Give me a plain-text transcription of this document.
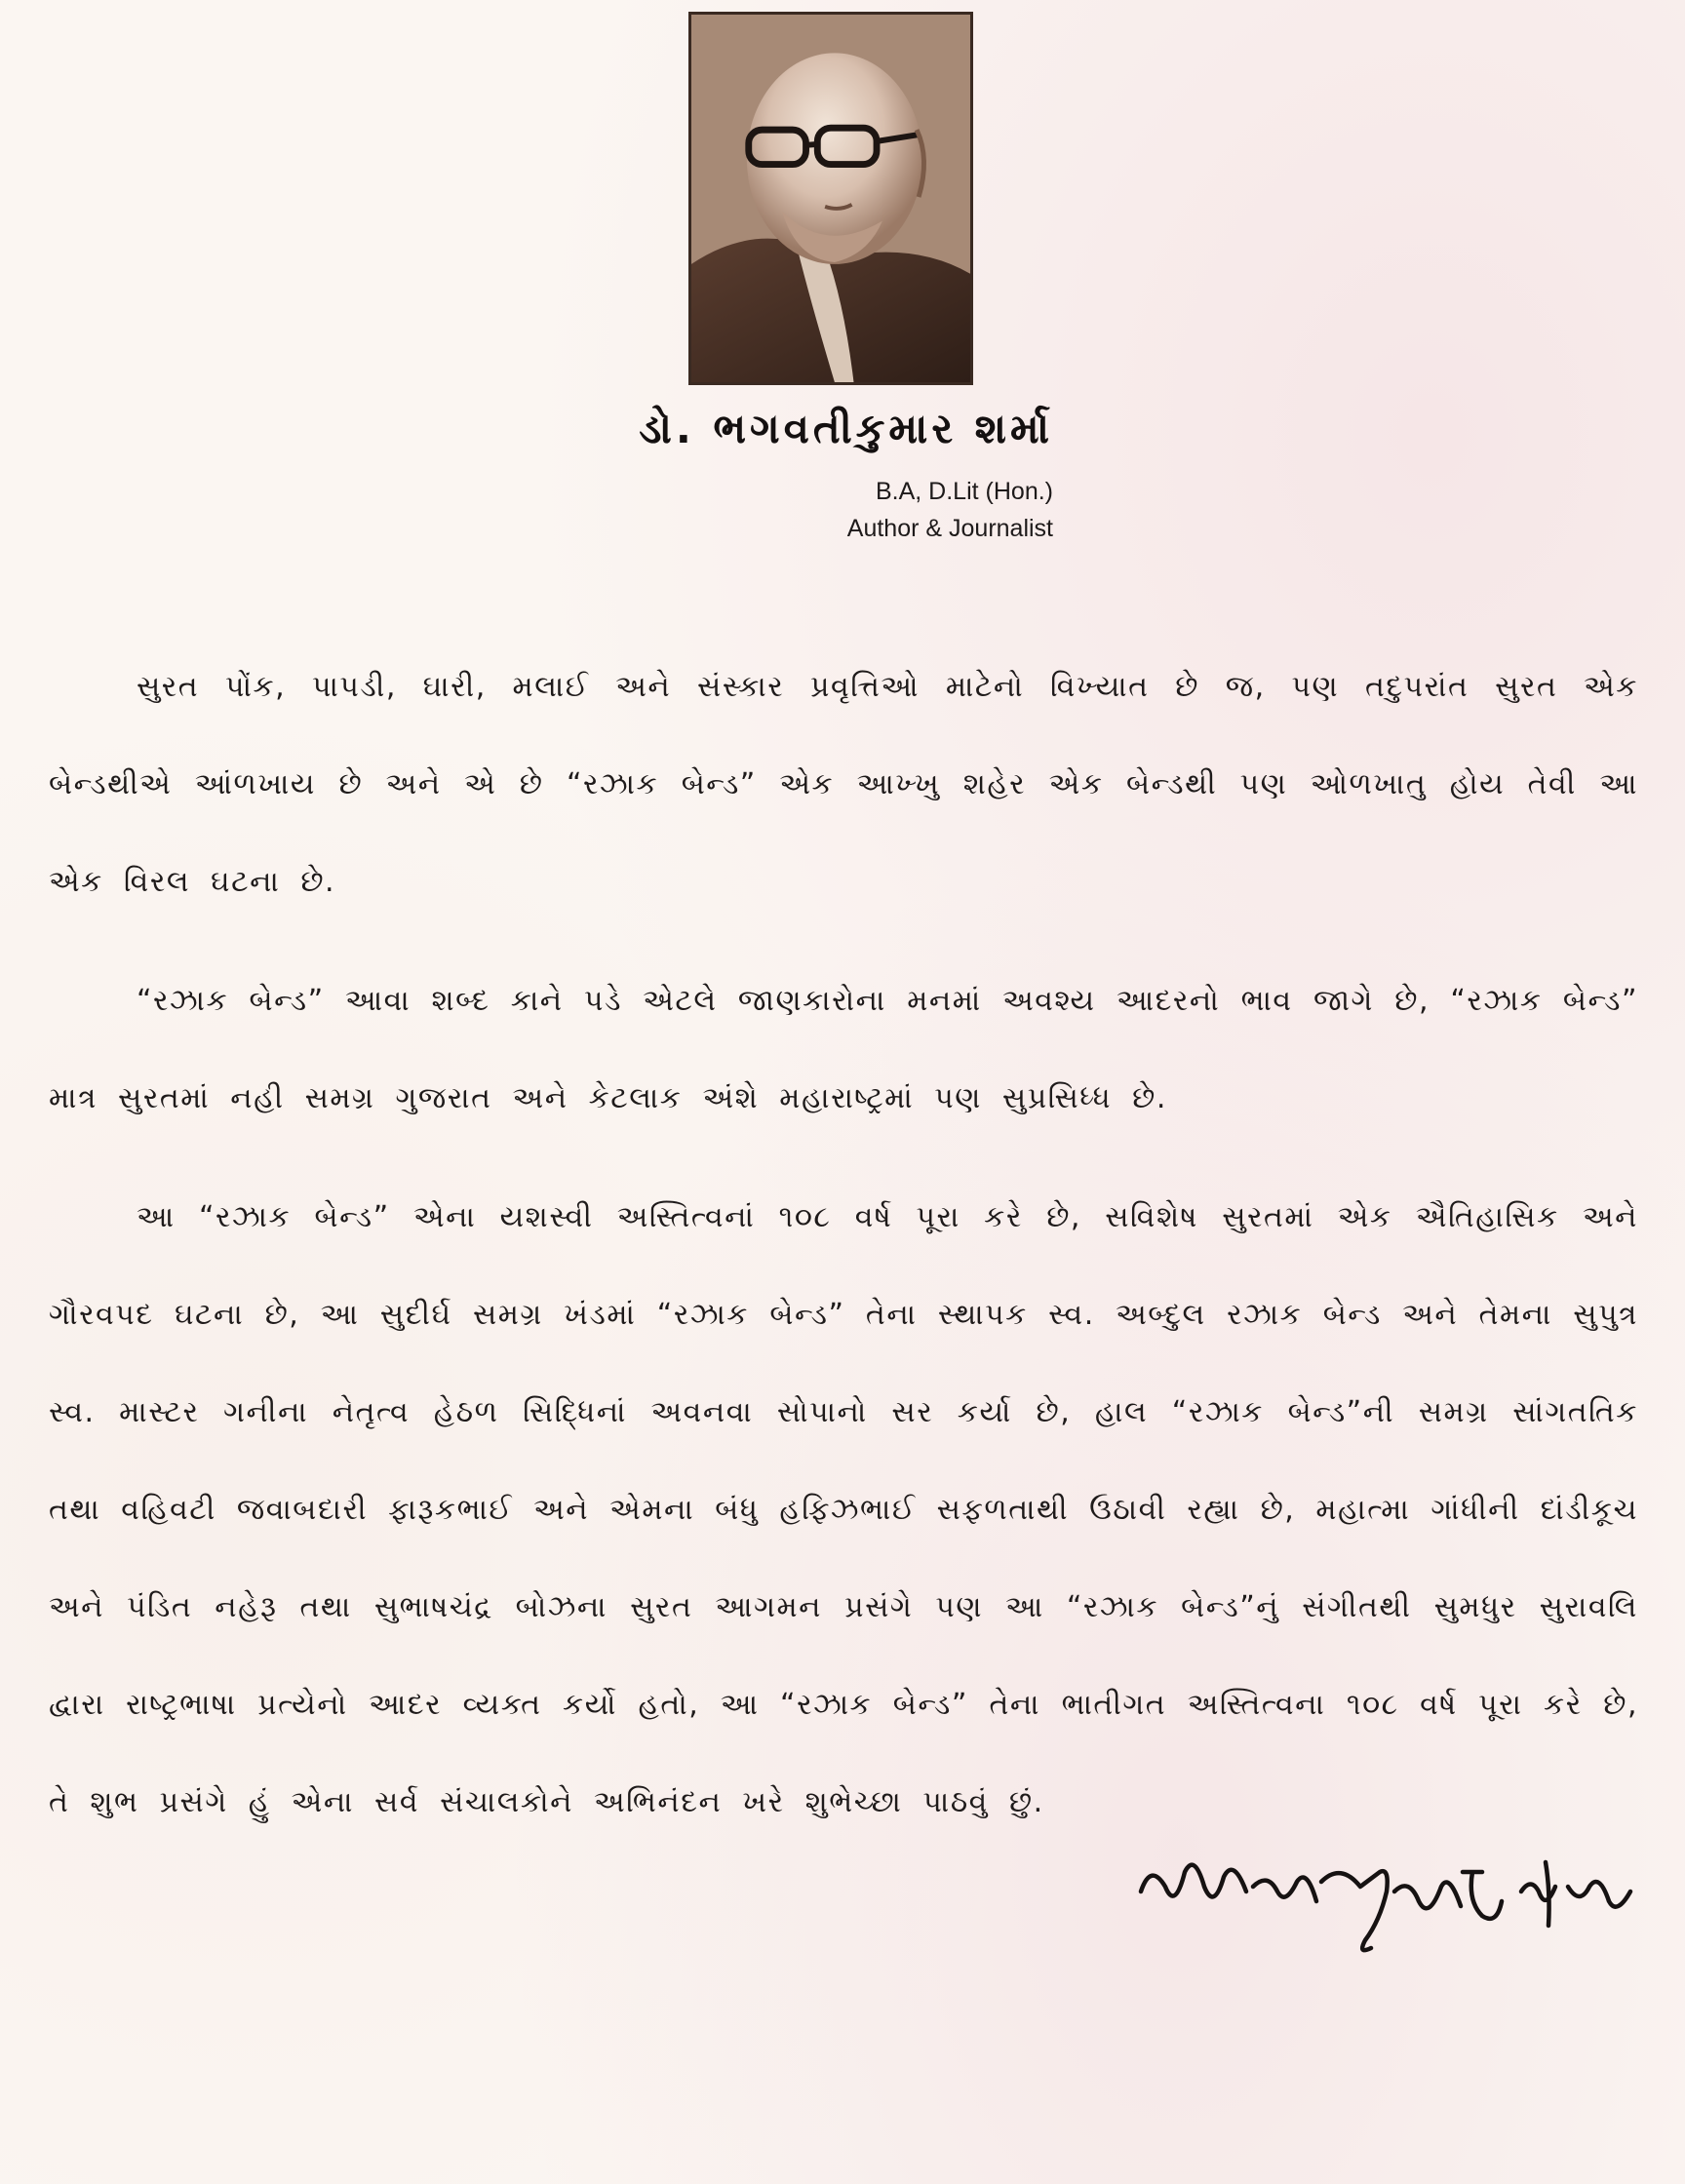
ડો. ભગવતીકુમાર શર્મા
B.A, D.Lit (Hon.)
Author & Journalist

સુરત પોંક, પાપડી, ઘારી, મલાઈ અને સંસ્કાર પ્રવૃત્તિઓ માટેનો વિખ્યાત છે જ, પણ તદુપરાંત સુરત એક બેન્ડથીએ આંળખાય છે અને એ છે “રઝાક બેન્ડ” એક આખ્ખુ શહેર એક બેન્ડથી પણ ઓળખાતુ હોય તેવી આ એક વિરલ ઘટના છે.

“રઝાક બેન્ડ” આવા શબ્દ કાને પડે એટલે જાણકારોના મનમાં અવશ્ય આદરનો ભાવ જાગે છે, “રઝાક બેન્ડ” માત્ર સુરતમાં નહી સમગ્ર ગુજરાત અને કેટલાક અંશે મહારાષ્ટ્રમાં પણ સુપ્રસિધ્ધ છે.

આ “રઝાક બેન્ડ” એના યશસ્વી અસ્તિત્વનાં ૧૦૮ વર્ષ પૂરા કરે છે, સવિશેષ સુરતમાં એક ઐતિહાસિક અને ગૌરવપદ ઘટના છે, આ સુદીર્ઘ સમગ્ર ખંડમાં “રઝાક બેન્ડ” તેના સ્થાપક સ્વ. અબ્દુલ રઝાક બેન્ડ અને તેમના સુપુત્ર સ્વ. માસ્ટર ગનીના નેતૃત્વ હેઠળ સિદ્ધિનાં અવનવા સોપાનો સર કર્યા છે, હાલ “રઝાક બેન્ડ”ની સમગ્ર સાંગતતિક તથા વહિવટી જવાબદારી ફારૂકભાઈ અને એમના બંધુ હફિઝભાઈ સફળતાથી ઉઠાવી રહ્યા છે, મહાત્મા ગાંધીની દાંડીકૂચ અને પંડિત નહેરૂ તથા સુભાષચંદ્ર બોઝના સુરત આગમન પ્રસંગે પણ આ “રઝાક બેન્ડ”નું સંગીતથી સુમધુર સુરાવલિ દ્વારા રાષ્ટ્રભાષા પ્રત્યેનો આદર વ્યક્ત કર્યો હતો, આ “રઝાક બેન્ડ” તેના ભાતીગત અસ્તિત્વના ૧૦૮ વર્ષ પૂરા કરે છે, તે શુભ પ્રસંગે હું એના સર્વ સંચાલકોને અભિનંદન ખરે શુભેચ્છા પાઠવું છું.
